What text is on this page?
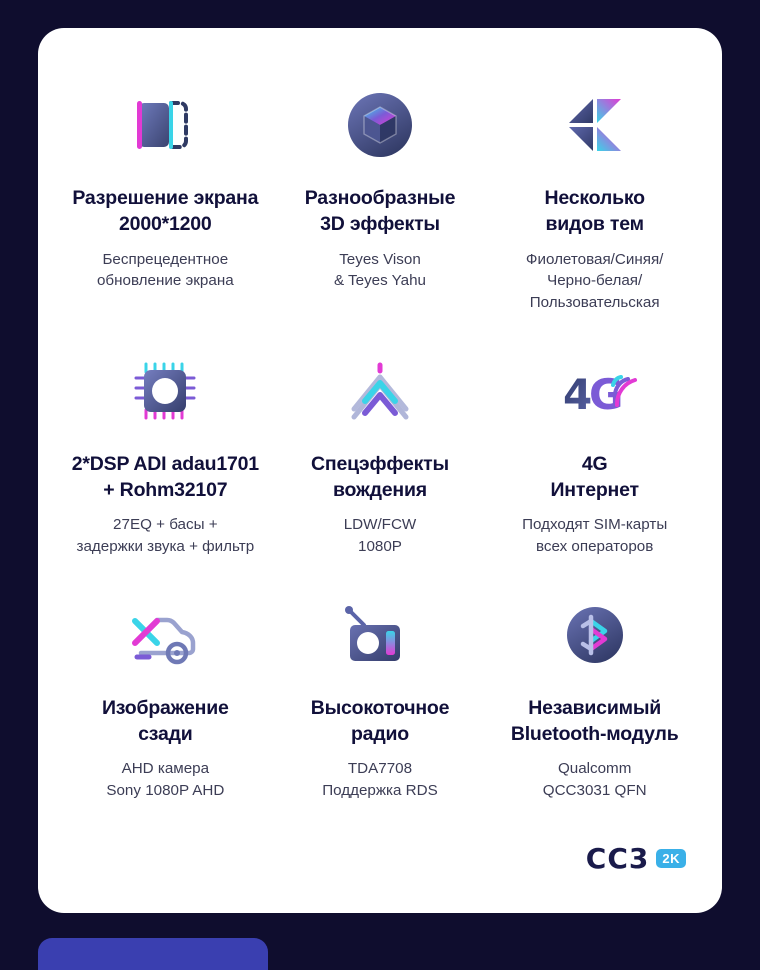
Разрешение экрана
2000*1200
Беспрецедентное
обновление экрана
Разнообразные
3D эффекты
Teyes Vison
& Teyes Yahu
Несколько
видов тем
Фиолетовая/Синяя/
Черно-белая/
Пользовательская
2*DSP ADI adau1701
+ Rohm32107
27EQ + басы +
задержки звука + фильтр
Спецэффекты
вождения
LDW/FCW
1080P
4
G
4G
Интернет
Подходят SIM-карты
всех операторов
Изображение
сзади
AHD камера
Sony 1080P AHD
Высокоточное
радио
TDA7708
Поддержка RDS
Независимый
Bluetooth-модуль
Qualcomm
QCC3031 QFN
CC3	2K
